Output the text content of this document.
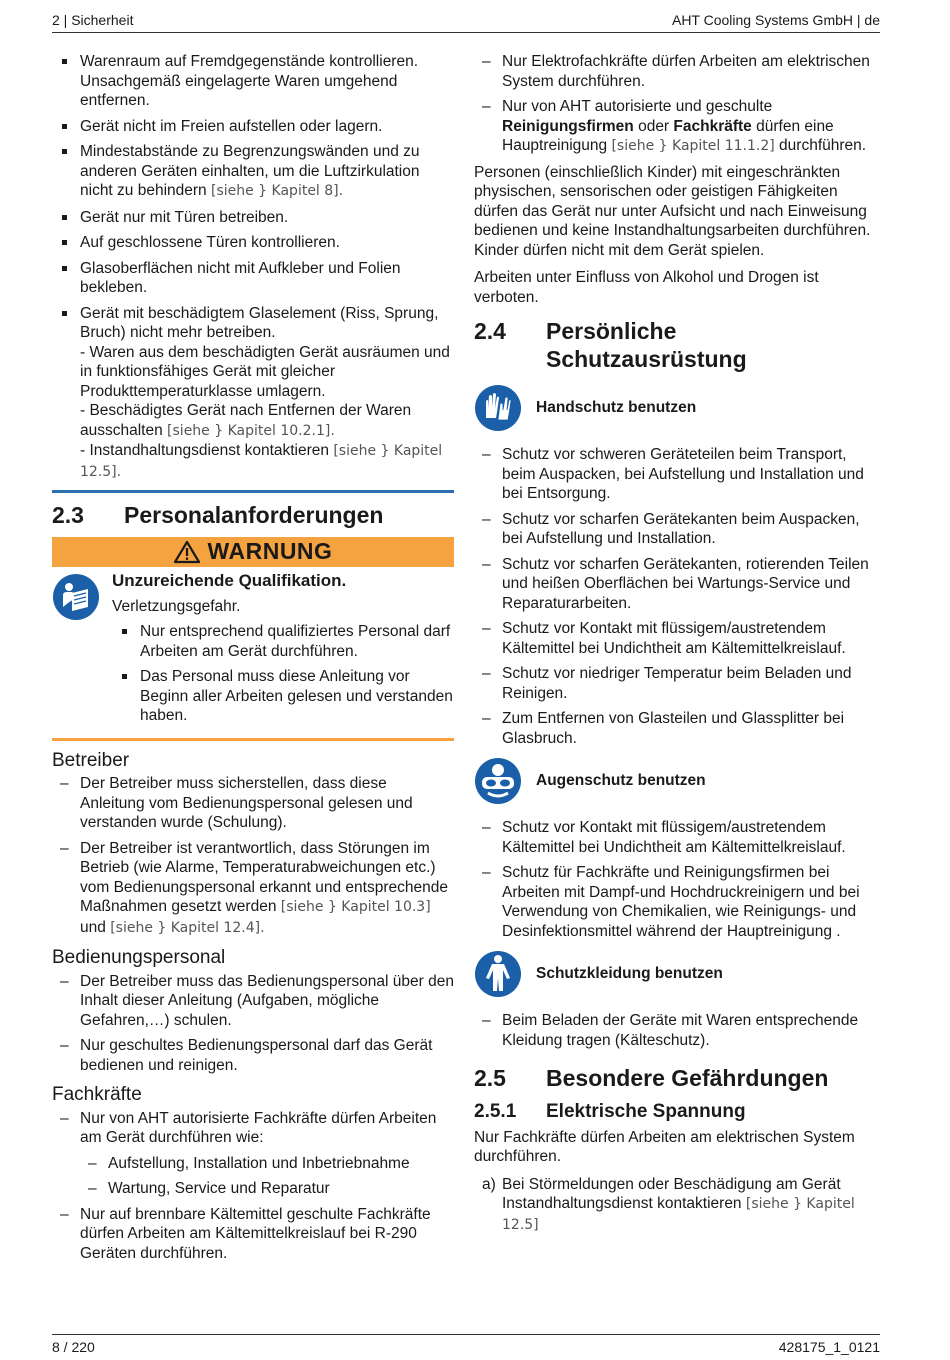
2 | Sicherheit	AHT Cooling Systems GmbH | de
Warenraum auf Fremdgegenstände kontrollieren. Unsachgemäß eingelagerte Waren umgehend entfernen.
Gerät nicht im Freien aufstellen oder lagern.
Mindestabstände zu Begrenzungswänden und zu anderen Geräten einhalten, um die Luftzirkulation nicht zu behindern [siehe } Kapitel 8].
Gerät nur mit Türen betreiben.
Auf geschlossene Türen kontrollieren.
Glasoberflächen nicht mit Aufkleber und Folien bekleben.
Gerät mit beschädigtem Glaselement (Riss, Sprung, Bruch) nicht mehr betreiben.
- Waren aus dem beschädigten Gerät ausräumen und in funktionsfähiges Gerät mit gleicher Produkttemperaturklasse umlagern.
- Beschädigtes Gerät nach Entfernen der Waren ausschalten [siehe } Kapitel 10.2.1].
- Instandhaltungsdienst kontaktieren [siehe } Kapitel 12.5].
2.3	Personalanforderungen
WARNUNG
Unzureichende Qualifikation.
Verletzungsgefahr.
Nur entsprechend qualifiziertes Personal darf Arbeiten am Gerät durchführen.
Das Personal muss diese Anleitung vor Beginn aller Arbeiten gelesen und verstanden haben.
Betreiber
– Der Betreiber muss sicherstellen, dass diese Anleitung vom Bedienungspersonal gelesen und verstanden wurde (Schulung).
– Der Betreiber ist verantwortlich, dass Störungen im Betrieb (wie Alarme, Temperaturabweichungen etc.) vom Bedienungspersonal erkannt und entsprechende Maßnahmen gesetzt werden [siehe } Kapitel 10.3] und [siehe } Kapitel 12.4].
Bedienungspersonal
– Der Betreiber muss das Bedienungspersonal über den Inhalt dieser Anleitung (Aufgaben, mögliche Gefahren,…) schulen.
– Nur geschultes Bedienungspersonal darf das Gerät bedienen und reinigen.
Fachkräfte
– Nur von AHT autorisierte Fachkräfte dürfen Arbeiten am Gerät durchführen wie:
– Aufstellung, Installation und Inbetriebnahme
– Wartung, Service und Reparatur
– Nur auf brennbare Kältemittel geschulte Fachkräfte dürfen Arbeiten am Kältemittelkreislauf bei R-290 Geräten durchführen.
– Nur Elektrofachkräfte dürfen Arbeiten am elektrischen System durchführen.
– Nur von AHT autorisierte und geschulte Reinigungsfirmen oder Fachkräfte dürfen eine Hauptreinigung [siehe } Kapitel 11.1.2] durchführen.

Personen (einschließlich Kinder) mit eingeschränkten physischen, sensorischen oder geistigen Fähigkeiten dürfen das Gerät nur unter Aufsicht und nach Einweisung bedienen und keine Instandhaltungsarbeiten durchführen. Kinder dürfen nicht mit dem Gerät spielen.

Arbeiten unter Einfluss von Alkohol und Drogen ist verboten.

2.4	Persönliche Schutzausrüstung
Handschutz benutzen
– Schutz vor schweren Geräteteilen beim Transport, beim Auspacken, bei Aufstellung und Installation und bei Entsorgung.
– Schutz vor scharfen Gerätekanten beim Auspacken, bei Aufstellung und Installation.
– Schutz vor scharfen Gerätekanten, rotierenden Teilen und heißen Oberflächen bei Wartungs-Service und Reparaturarbeiten.
– Schutz vor Kontakt mit flüssigem/austretendem Kältemittel bei Undichtheit am Kältemittelkreislauf.
– Schutz vor niedriger Temperatur beim Beladen und Reinigen.
– Zum Entfernen von Glasteilen und Glassplitter bei Glasbruch.
Augenschutz benutzen
– Schutz vor Kontakt mit flüssigem/austretendem Kältemittel bei Undichtheit am Kältemittelkreislauf.
– Schutz für Fachkräfte und Reinigungsfirmen bei Arbeiten mit Dampf-und Hochdruckreinigern und bei Verwendung von Chemikalien, wie Reinigungs- und Desinfektionsmittel während der Hauptreinigung .
Schutzkleidung benutzen
– Beim Beladen der Geräte mit Waren entsprechende Kleidung tragen (Kälteschutz).
2.5	Besondere Gefährdungen
2.5.1	Elektrische Spannung

Nur Fachkräfte dürfen Arbeiten am elektrischen System durchführen.

a) Bei Störmeldungen oder Beschädigung am Gerät Instandhaltungsdienst kontaktieren [siehe } Kapitel 12.5]
8 / 220	428175_1_0121
